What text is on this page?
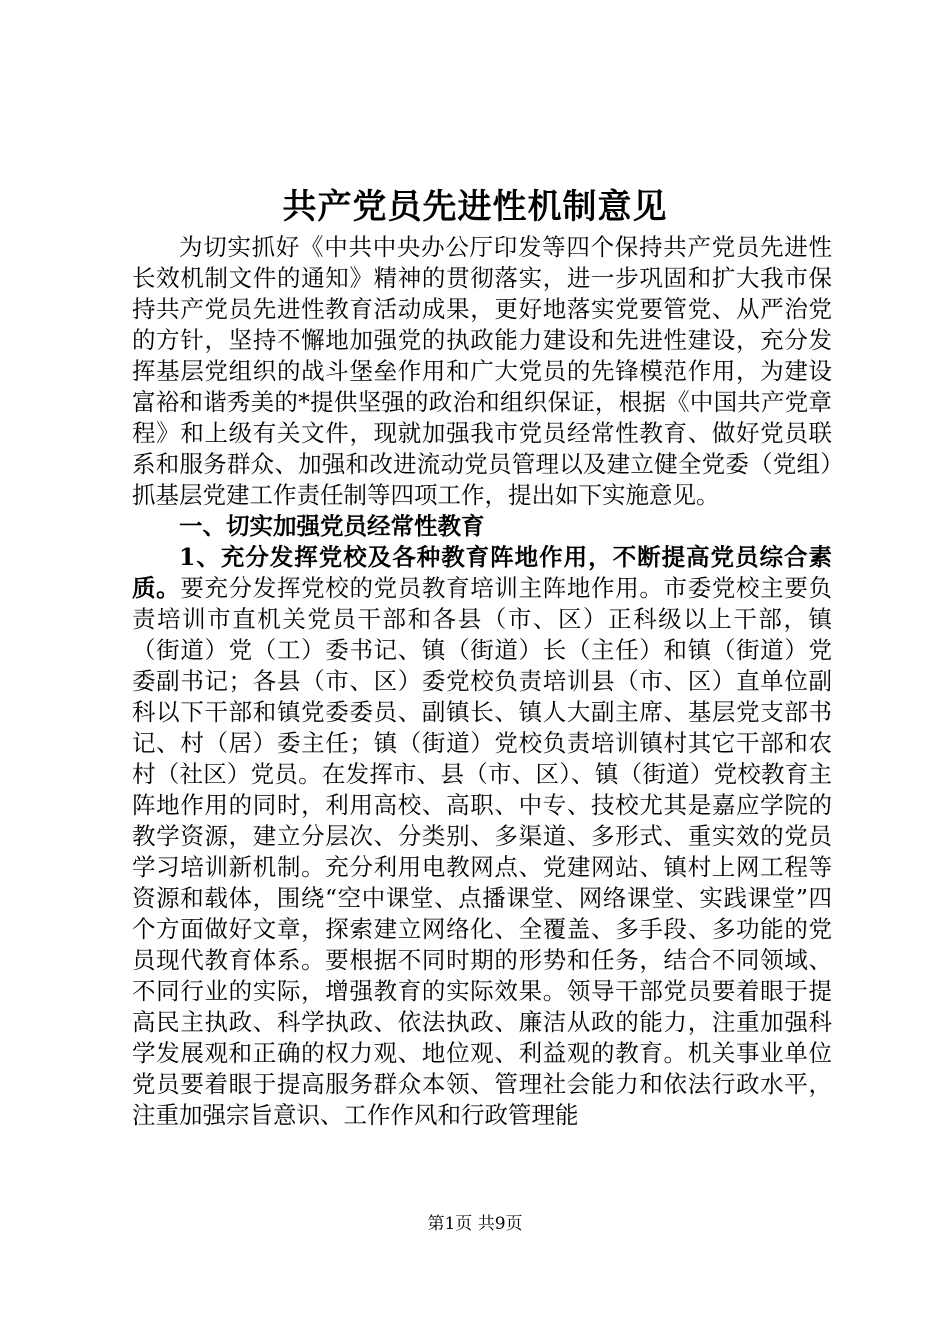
共产党员先进性机制意见

为切实抓好《中共中央办公厅印发等四个保持共产党员先进性长效机制文件的通知》精神的贯彻落实，进一步巩固和扩大我市保持共产党员先进性教育活动成果，更好地落实党要管党、从严治党的方针，坚持不懈地加强党的执政能力建设和先进性建设，充分发挥基层党组织的战斗堡垒作用和广大党员的先锋模范作用，为建设富裕和谐秀美的*提供坚强的政治和组织保证，根据《中国共产党章程》和上级有关文件，现就加强我市党员经常性教育、做好党员联系和服务群众、加强和改进流动党员管理以及建立健全党委（党组）抓基层党建工作责任制等四项工作，提出如下实施意见。

一、切实加强党员经常性教育

1、充分发挥党校及各种教育阵地作用，不断提高党员综合素质。要充分发挥党校的党员教育培训主阵地作用。市委党校主要负责培训市直机关党员干部和各县（市、区）正科级以上干部，镇（街道）党（工）委书记、镇（街道）长（主任）和镇（街道）党委副书记；各县（市、区）委党校负责培训县（市、区）直单位副科以下干部和镇党委委员、副镇长、镇人大副主席、基层党支部书记、村（居）委主任；镇（街道）党校负责培训镇村其它干部和农村（社区）党员。在发挥市、县（市、区）、镇（街道）党校教育主阵地作用的同时，利用高校、高职、中专、技校尤其是嘉应学院的教学资源，建立分层次、分类别、多渠道、多形式、重实效的党员学习培训新机制。充分利用电教网点、党建网站、镇村上网工程等资源和载体，围绕“空中课堂、点播课堂、网络课堂、实践课堂”四个方面做好文章，探索建立网络化、全覆盖、多手段、多功能的党员现代教育体系。要根据不同时期的形势和任务，结合不同领域、不同行业的实际，增强教育的实际效果。领导干部党员要着眼于提高民主执政、科学执政、依法执政、廉洁从政的能力，注重加强科学发展观和正确的权力观、地位观、利益观的教育。机关事业单位党员要着眼于提高服务群众本领、管理社会能力和依法行政水平，注重加强宗旨意识、工作作风和行政管理能

第1页 共9页
